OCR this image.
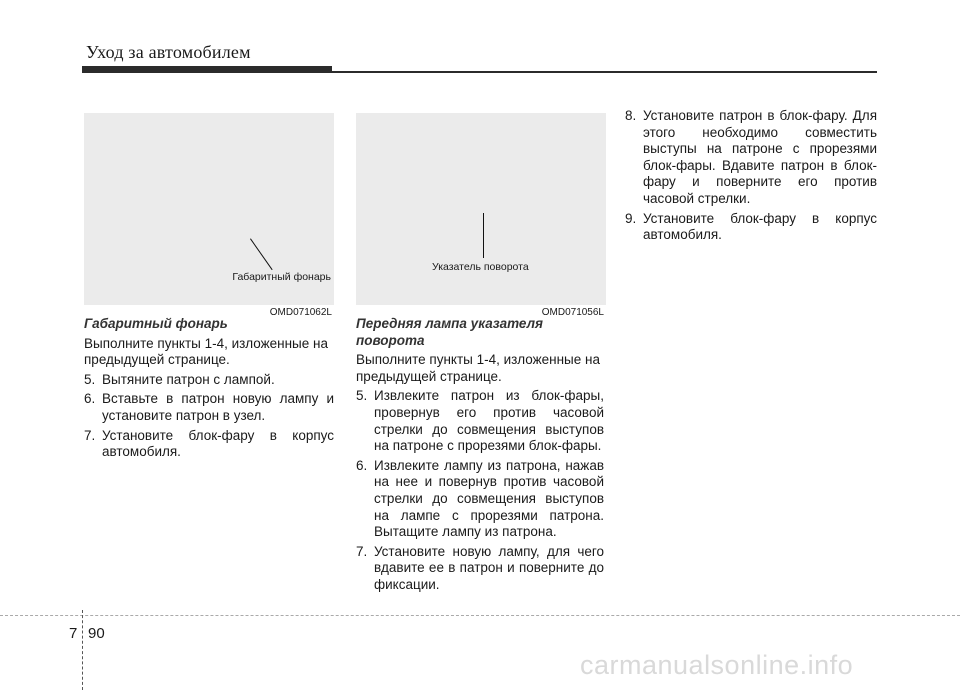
Уход за автомобилем
Габаритный фонарь
OMD071062L
Указатель поворота
OMD071056L
Габаритный фонарь

Выполните пункты 1-4, изложенные на предыдущей странице.

5. Вытяните патрон с лампой.
6. Вставьте в патрон новую лампу и установите патрон в узел.
7. Установите блок-фару в корпус автомобиля.
Передняя лампа указателя поворота

Выполните пункты 1-4, изложенные на предыдущей странице.

5. Извлеките патрон из блок-фары, провернув его против часовой стрелки до совмещения выступов на патроне с прорезями блок-фары.
6. Извлеките лампу из патрона, нажав на нее и повернув против часовой стрелки до совмещения выступов на лампе с прорезями патрона. Вытащите лампу из патрона.
7. Установите новую лампу, для чего вдавите ее в патрон и поверните до фиксации.
8. Установите патрон в блок-фару. Для этого необходимо совместить выступы на патроне с прорезями блок-фары. Вдавите патрон в блок-фару и поверните его против часовой стрелки.
9. Установите блок-фару в корпус автомобиля.
7 90
carmanualsonline.info
